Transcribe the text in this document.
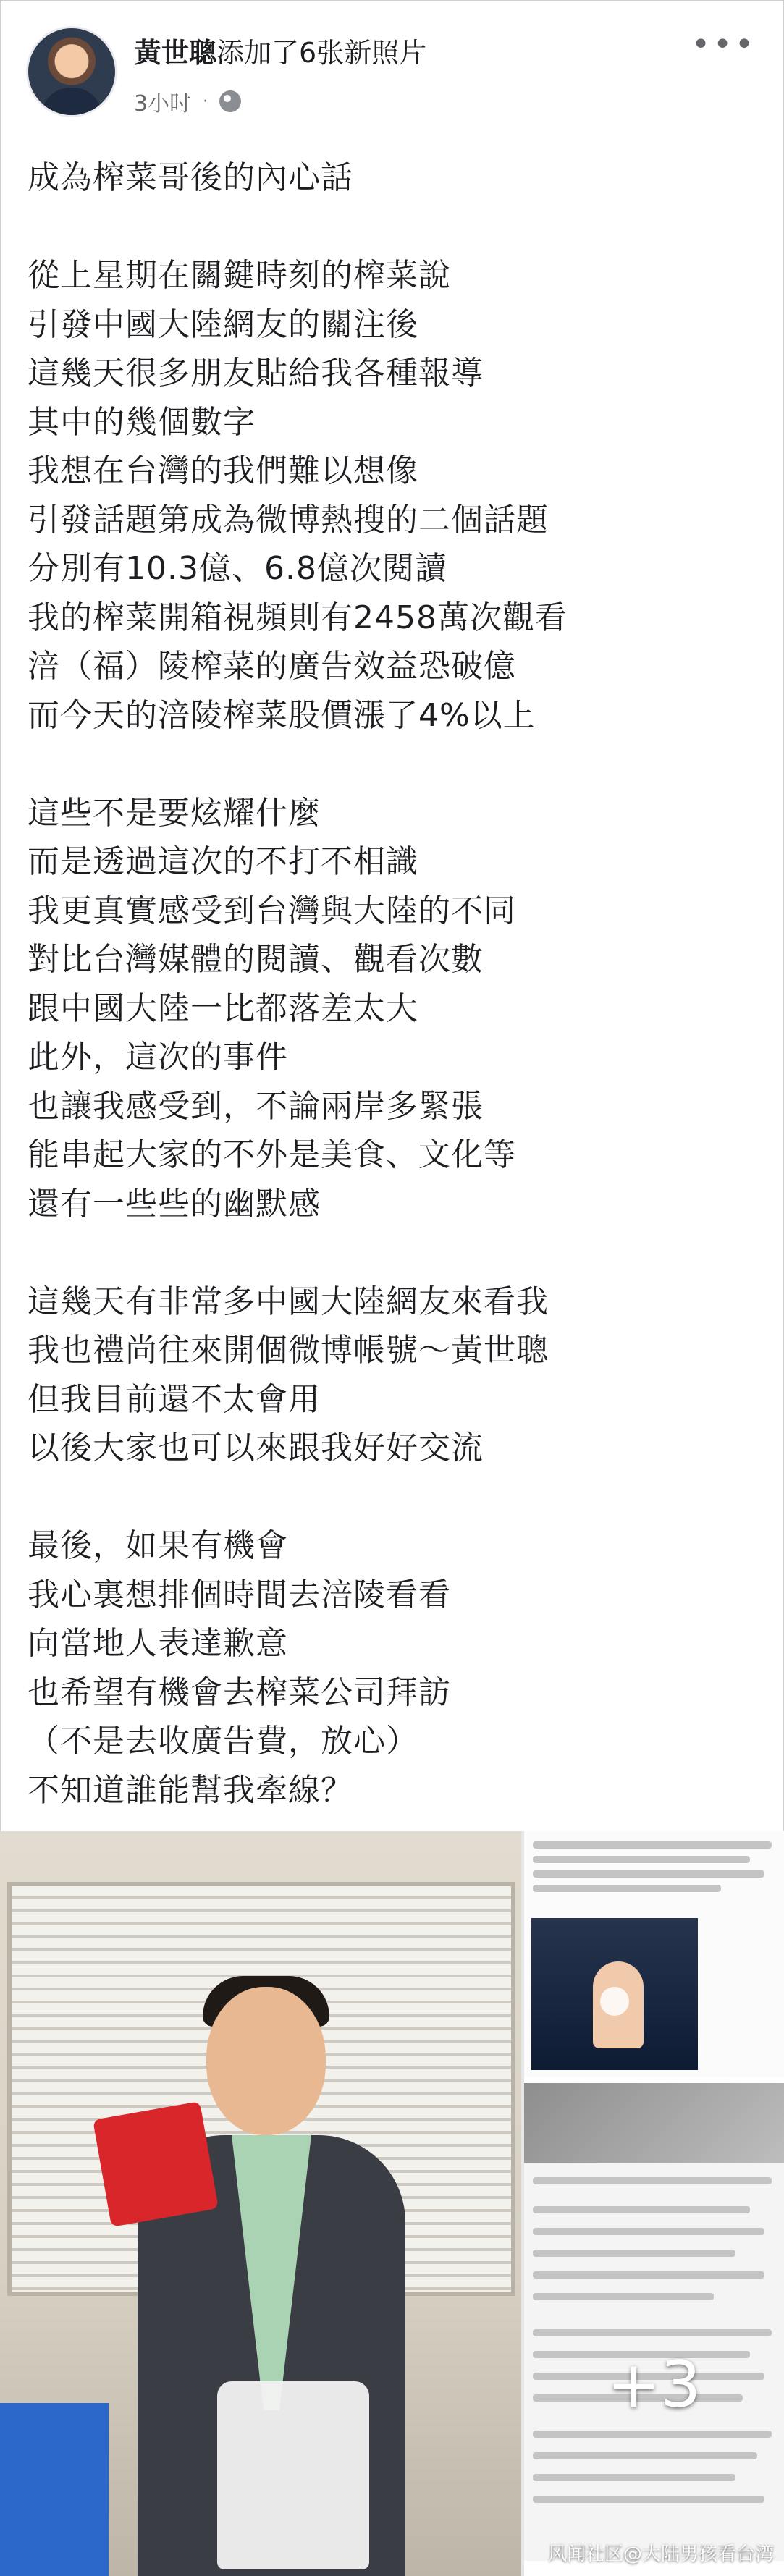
黃世聰添加了6张新照片
3小时 ·
•••
成為榨菜哥後的內心話

從上星期在關鍵時刻的榨菜說
引發中國大陸網友的關注後
這幾天很多朋友貼給我各種報導
其中的幾個數字
我想在台灣的我們難以想像
引發話題第成為微博熱搜的二個話題
分別有10.3億、6.8億次閱讀
我的榨菜開箱視頻則有2458萬次觀看
涪（福）陵榨菜的廣告效益恐破億
而今天的涪陵榨菜股價漲了4%以上

這些不是要炫耀什麼
而是透過這次的不打不相識
我更真實感受到台灣與大陸的不同
對比台灣媒體的閱讀、觀看次數
跟中國大陸一比都落差太大
此外，這次的事件
也讓我感受到，不論兩岸多緊張
能串起大家的不外是美食、文化等
還有一些些的幽默感

這幾天有非常多中國大陸網友來看我
我也禮尚往來開個微博帳號～黃世聰
但我目前還不太會用
以後大家也可以來跟我好好交流

最後，如果有機會
我心裏想排個時間去涪陵看看
向當地人表達歉意
也希望有機會去榨菜公司拜訪
（不是去收廣告費，放心）
不知道誰能幫我牽線？
+3
风闻社区@大陆男孩看台湾
